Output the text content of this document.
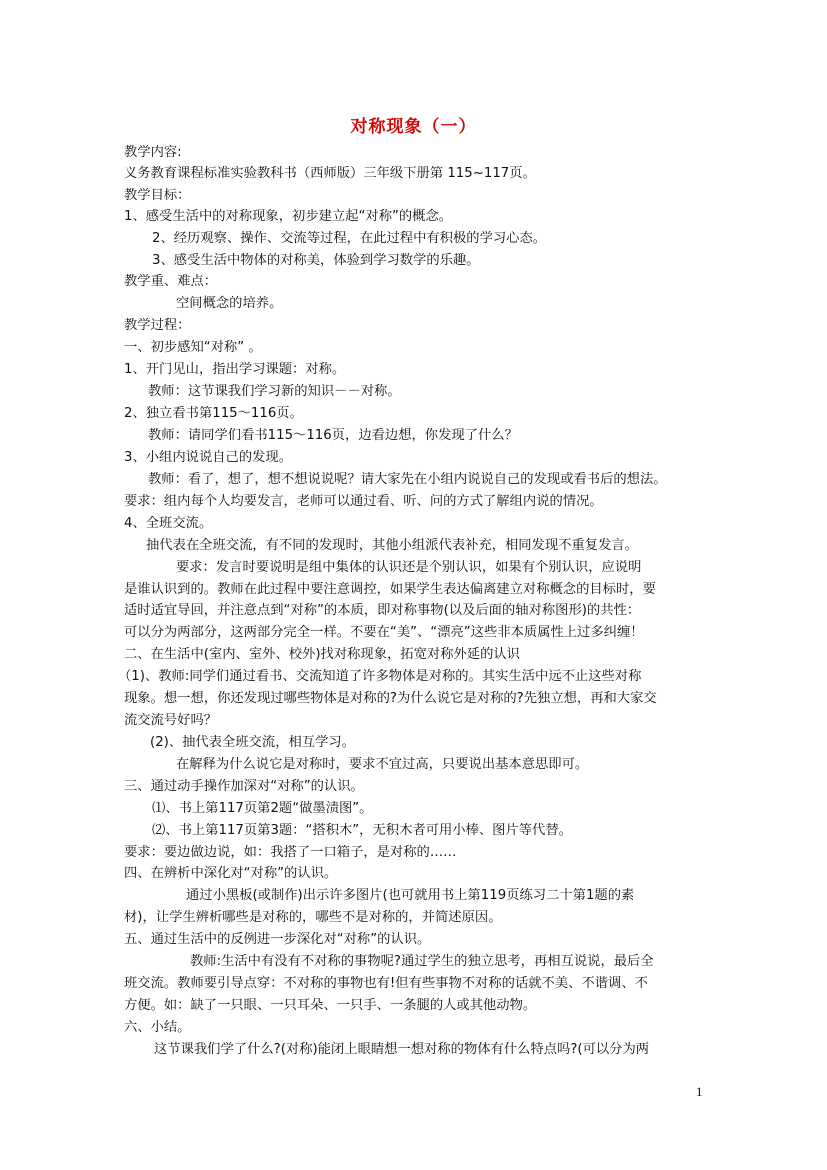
对称现象（一）
教学内容:
义务教育课程标准实验教科书（西师版）三年级下册第 115~117页。
教学目标：
1、感受生活中的对称现象，初步建立起“对称”的概念。
2、经历观察、操作、交流等过程，在此过程中有积极的学习心态。
3、感受生活中物体的对称美，体验到学习数学的乐趣。
教学重、难点：
空间概念的培养。
教学过程：
一、初步感知“对称” 。
1、开门见山，指出学习课题：对称。
教师：这节课我们学习新的知识－－对称。
2、独立看书第115～116页。
教师：请同学们看书115～116页，边看边想，你发现了什么？
3、小组内说说自己的发现。
教师：看了，想了，想不想说说呢？请大家先在小组内说说自己的发现或看书后的想法。
要求：组内每个人均要发言，老师可以通过看、听、问的方式了解组内说的情况。
4、全班交流。
抽代表在全班交流，有不同的发现时，其他小组派代表补充，相同发现不重复发言。
要求：发言时要说明是组中集体的认识还是个别认识，如果有个别认识，应说明
是谁认识到的。教师在此过程中要注意调控，如果学生表达偏离建立对称概念的目标时，要
适时适宜导回，并注意点到“对称”的本质，即对称事物(以及后面的轴对称图形)的共性：
可以分为两部分，这两部分完全一样。不要在“美”、“漂亮”这些非本质属性上过多纠缠！
二、在生活中(室内、室外、校外)找对称现象，拓宽对称外延的认识
（1)、教师:同学们通过看书、交流知道了许多物体是对称的。其实生活中远不止这些对称
现象。想一想，你还发现过哪些物体是对称的?为什么说它是对称的?先独立想，再和大家交
流交流号好吗？
(2)、抽代表全班交流，相互学习。
在解释为什么说它是对称时，要求不宜过高，只要说出基本意思即可。
三、通过动手操作加深对“对称”的认识。
⑴、书上第117页第2题“做墨渍图”。
⑵、书上第117页第3题：“搭积木”，无积木者可用小棒、图片等代替。
要求：要边做边说，如：我搭了一口箱子，是对称的……
四、在辨析中深化对“对称”的认识。
通过小黑板(或制作)出示许多图片(也可就用书上第119页练习二十第1题的素
材)，让学生辨析哪些是对称的，哪些不是对称的，并简述原因。
五、通过生活中的反例进一步深化对“对称”的认识。
教师:生活中有没有不对称的事物呢?通过学生的独立思考，再相互说说，最后全
班交流。教师要引导点穿：不对称的事物也有!但有些事物不对称的话就不美、不谐调、不
方便。如：缺了一只眼、一只耳朵、一只手、一条腿的人或其他动物。
六、小结。
这节课我们学了什么?(对称)能闭上眼睛想一想对称的物体有什么特点吗?(可以分为两
1
